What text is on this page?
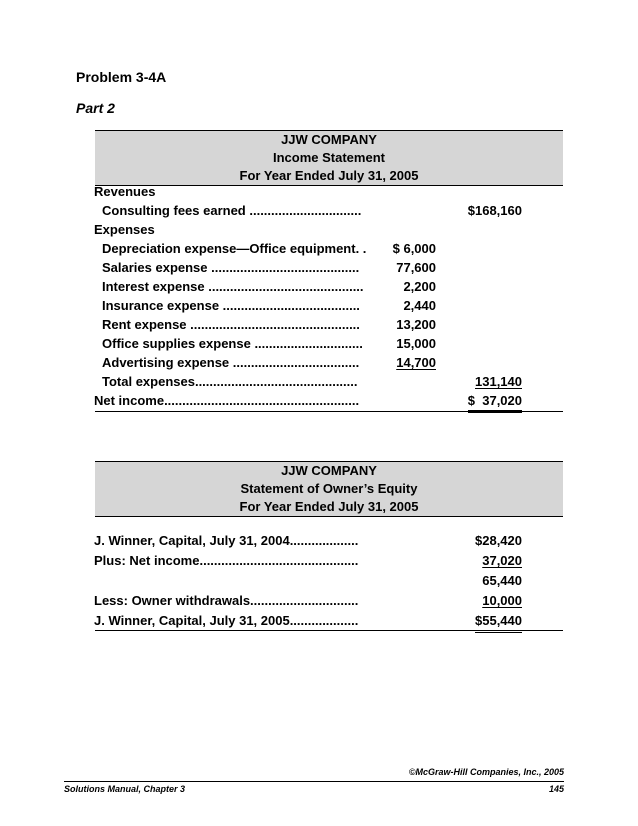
Problem 3-4A
Part 2
JJW COMPANY
Income Statement
For Year Ended July 31, 2005
Revenues
Consulting fees earned ...............................	$168,160
Expenses
Depreciation expense—Office equipment. . $ 6,000
Salaries expense .........................................	77,600
Interest expense ...........................................	2,200
Insurance expense ......................................	2,440
Rent expense ...............................................	13,200
Office supplies expense ..............................	15,000
Advertising expense ...................................	14,700
Total expenses.............................................	131,140
Net income......................................................	$  37,020
JJW COMPANY
Statement of Owner’s Equity
For Year Ended July 31, 2005
J. Winner, Capital, July 31, 2004...................	$28,420
Plus: Net income............................................	37,020
65,440
Less: Owner withdrawals..............................	10,000
J. Winner, Capital, July 31, 2005...................	$55,440
©McGraw-Hill Companies, Inc., 2005
Solutions Manual, Chapter 3	145
